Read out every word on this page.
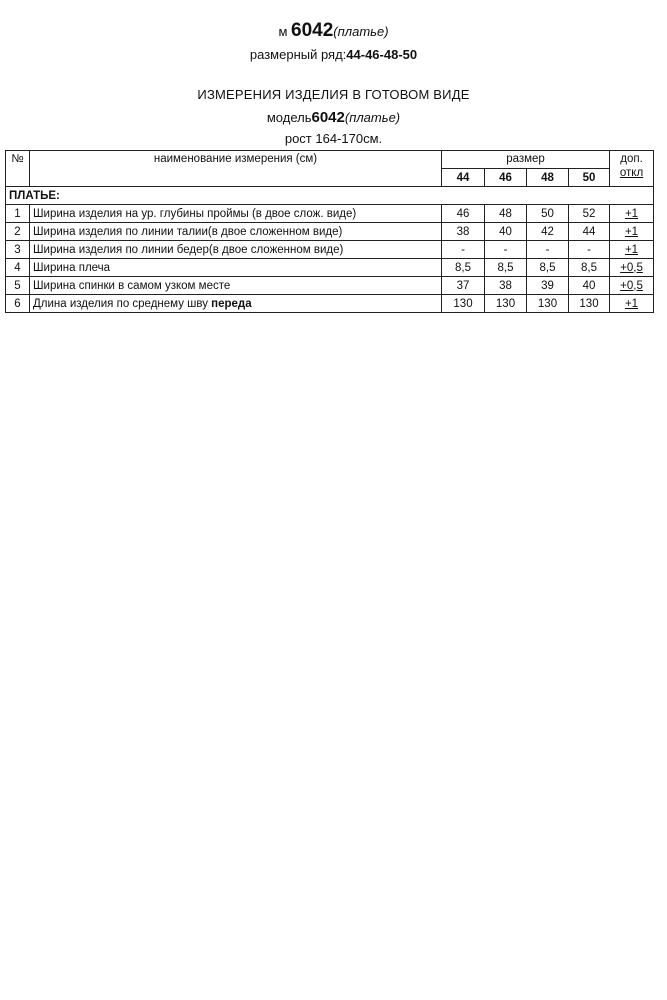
м 6042(платье)
размерный ряд:44-46-48-50
ИЗМЕРЕНИЯ ИЗДЕЛИЯ В ГОТОВОМ ВИДЕ
модель6042(платье)
рост 164-170см.
№	наименование измерения (см)	размер				доп.
откл
		44	46	48	50	
ПЛАТЬЕ:						
1	Ширина изделия на ур. глубины проймы (в двое слож. виде)	46	48	50	52	+1
2	Ширина изделия по линии талии(в двое сложенном виде)	38	40	42	44	+1
3	Ширина изделия по линии бедер(в двое сложенном виде)	-	-	-	-	+1
4	Ширина плеча	8,5	8,5	8,5	8,5	+0,5
5	Ширина спинки в самом узком месте	37	38	39	40	+0,5
6	Длина изделия по среднему шву переда	130	130	130	130	+1
